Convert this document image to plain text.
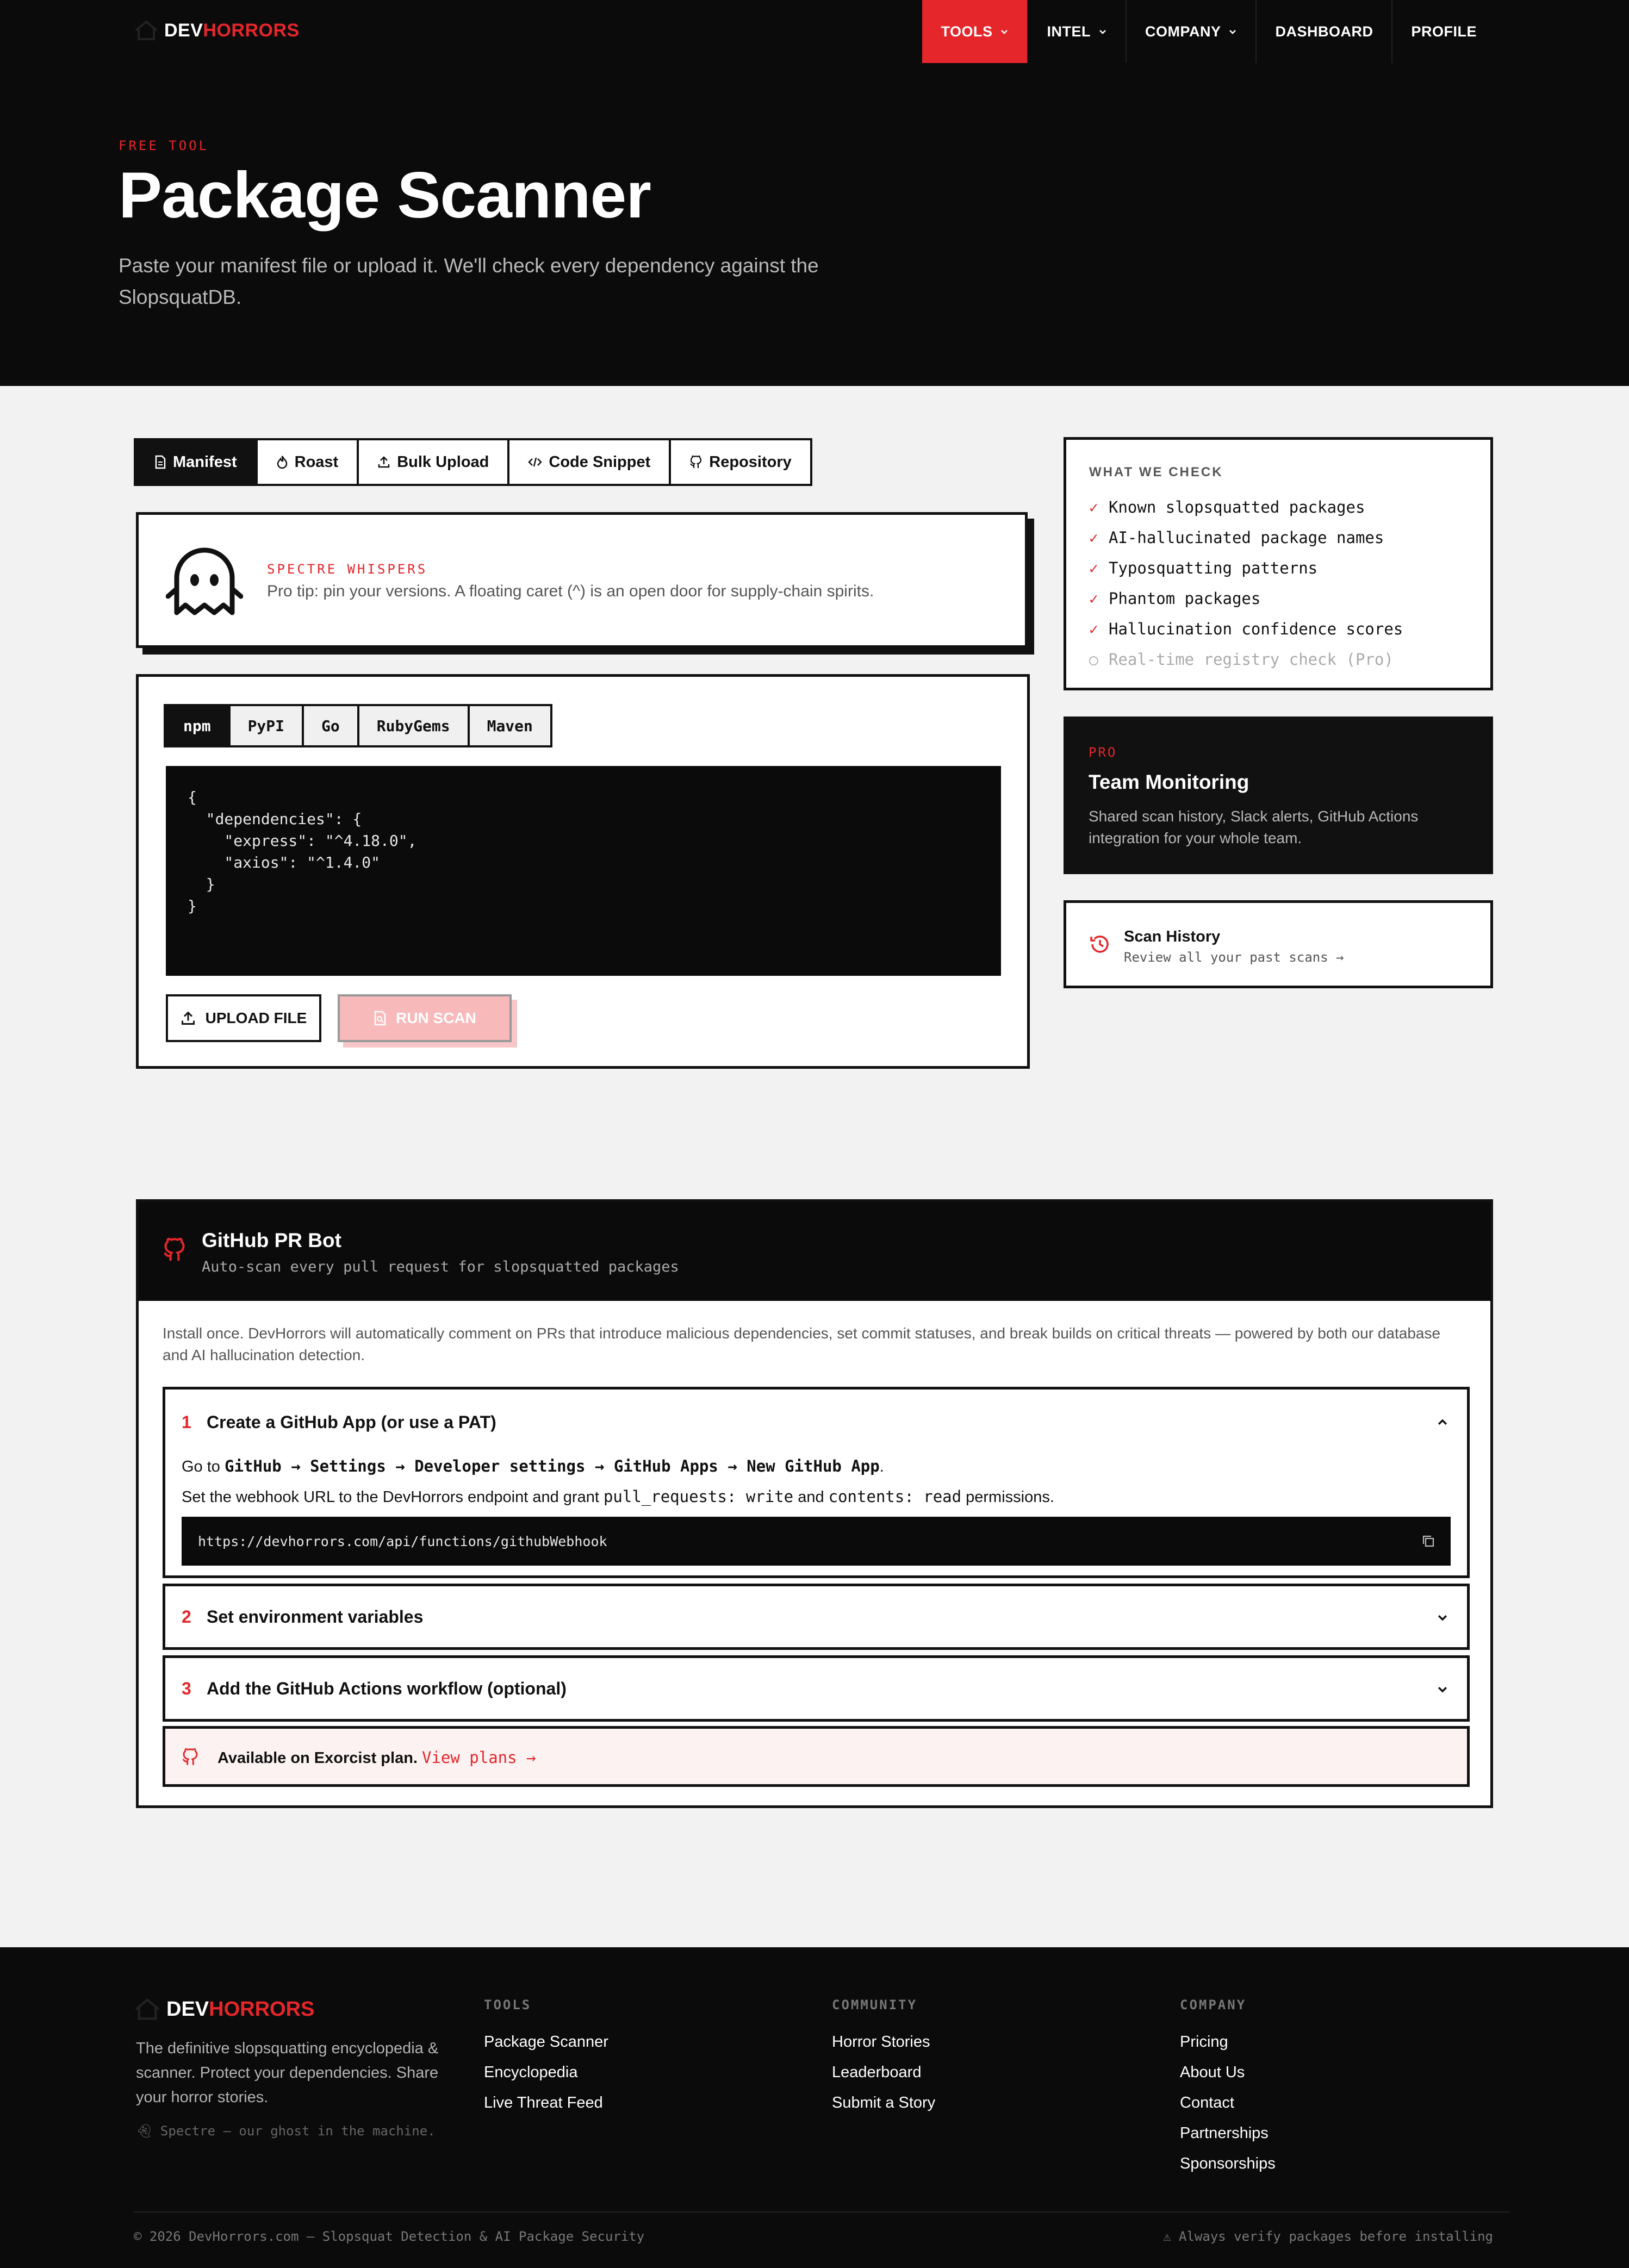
DEV HORRORS	TOOLS	INTEL	COMPANY	DASHBOARD	PROFILE
FREE TOOL
Package Scanner

Paste your manifest file or upload it. We'll check every dependency against the SlopsquatDB.

Manifest	Roast	Bulk Upload	Code Snippet	Repository
SPECTRE WHISPERS
Pro tip: pin your versions. A floating caret (^) is an open door for supply-chain spirits.
npm	PyPI	Go	RubyGems	Maven
{
"dependencies": {
"express": "^4.18.0",
"axios": "^1.4.0"
}
}
UPLOAD FILE	RUN SCAN
WHAT WE CHECK
✓ Known slopsquatted packages
✓ AI-hallucinated package names
✓ Typosquatting patterns
✓ Phantom packages
✓ Hallucination confidence scores
○ Real-time registry check (Pro)
PRO
Team Monitoring
Shared scan history, Slack alerts, GitHub Actions integration for your whole team.
Scan History
Review all your past scans →
GitHub PR Bot
Auto-scan every pull request for slopsquatted packages

Install once. DevHorrors will automatically comment on PRs that introduce malicious dependencies, set commit statuses, and break builds on critical threats — powered by both our database and AI hallucination detection.

1 Create a GitHub App (or use a PAT)
Go to GitHub → Settings → Developer settings → GitHub Apps → New GitHub App.
Set the webhook URL to the DevHorrors endpoint and grant pull_requests: write and contents: read permissions.
https://devhorrors.com/api/functions/githubWebhook
2 Set environment variables
3 Add the GitHub Actions workflow (optional)
Available on Exorcist plan. View plans →
DEV HORRORS

The definitive slopsquatting encyclopedia & scanner. Protect your dependencies. Share your horror stories.

👻︎ Spectre — our ghost in the machine.
TOOLS
Package Scanner
Encyclopedia
Live Threat Feed
COMMUNITY
Horror Stories
Leaderboard
Submit a Story
COMPANY
Pricing
About Us
Contact
Partnerships
Sponsorships
© 2026 DevHorrors.com — Slopsquat Detection & AI Package Security	⚠ Always verify packages before installing
